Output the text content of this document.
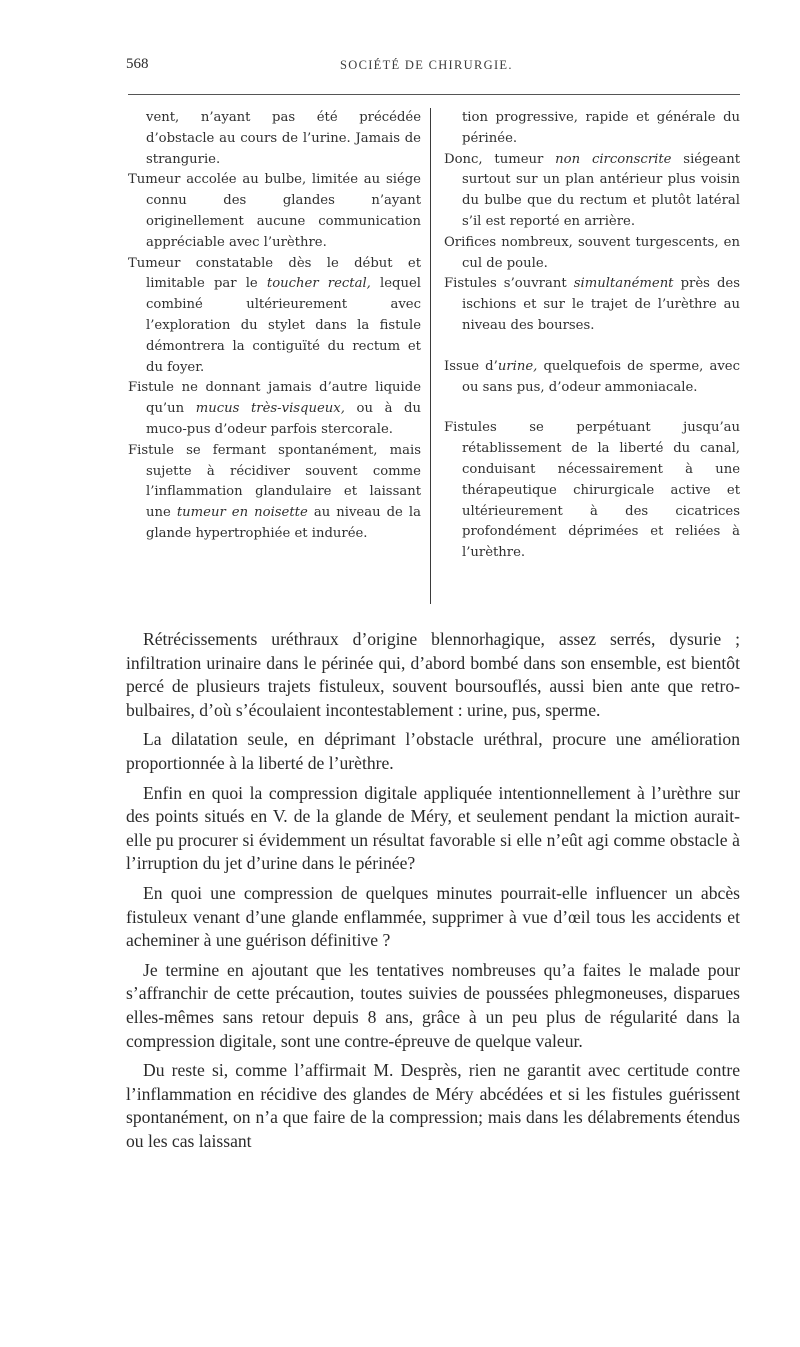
568	SOCIÉTÉ DE CHIRURGIE.

vent, n’ayant pas été précédée d’obstacle au cours de l’urine. Jamais de strangurie.

Tumeur accolée au bulbe, limitée au siége connu des glandes n’ayant originellement aucune communication appréciable avec l’urèthre.

Tumeur constatable dès le début et limitable par le toucher rectal, lequel combiné ultérieurement avec l’exploration du stylet dans la fistule démontrera la contiguïté du rectum et du foyer.

Fistule ne donnant jamais d’autre liquide qu’un mucus très-visqueux, ou à du muco-pus d’odeur parfois stercorale.

Fistule se fermant spontanément, mais sujette à récidiver souvent comme l’inflammation glandulaire et laissant une tumeur en noisette au niveau de la glande hypertrophiée et indurée.

tion progressive, rapide et générale du périnée.

Donc, tumeur non circonscrite siégeant surtout sur un plan antérieur plus voisin du bulbe que du rectum et plutôt latéral s’il est reporté en arrière.

Orifices nombreux, souvent turgescents, en cul de poule.

Fistules s’ouvrant simultanément près des ischions et sur le trajet de l’urèthre au niveau des bourses.

Issue d’urine, quelquefois de sperme, avec ou sans pus, d’odeur ammoniacale.

Fistules se perpétuant jusqu’au rétablissement de la liberté du canal, conduisant nécessairement à une thérapeutique chirurgicale active et ultérieurement à des cicatrices profondément déprimées et reliées à l’urèthre.

Rétrécissements uréthraux d’origine blennorhagique, assez serrés, dysurie ; infiltration urinaire dans le périnée qui, d’abord bombé dans son ensemble, est bientôt percé de plusieurs trajets fistuleux, souvent boursouflés, aussi bien ante que retro-bulbaires, d’où s’écoulaient incontestablement : urine, pus, sperme.

La dilatation seule, en déprimant l’obstacle uréthral, procure une amélioration proportionnée à la liberté de l’urèthre.

Enfin en quoi la compression digitale appliquée intentionnellement à l’urèthre sur des points situés en V. de la glande de Méry, et seulement pendant la miction aurait-elle pu procurer si évidemment un résultat favorable si elle n’eût agi comme obstacle à l’irruption du jet d’urine dans le périnée?

En quoi une compression de quelques minutes pourrait-elle influencer un abcès fistuleux venant d’une glande enflammée, supprimer à vue d’œil tous les accidents et acheminer à une guérison définitive ?

Je termine en ajoutant que les tentatives nombreuses qu’a faites le malade pour s’affranchir de cette précaution, toutes suivies de poussées phlegmoneuses, disparues elles-mêmes sans retour depuis 8 ans, grâce à un peu plus de régularité dans la compression digitale, sont une contre-épreuve de quelque valeur.

Du reste si, comme l’affirmait M. Desprès, rien ne garantit avec certitude contre l’inflammation en récidive des glandes de Méry abcédées et si les fistules guérissent spontanément, on n’a que faire de la compression; mais dans les délabrements étendus ou les cas laissant
